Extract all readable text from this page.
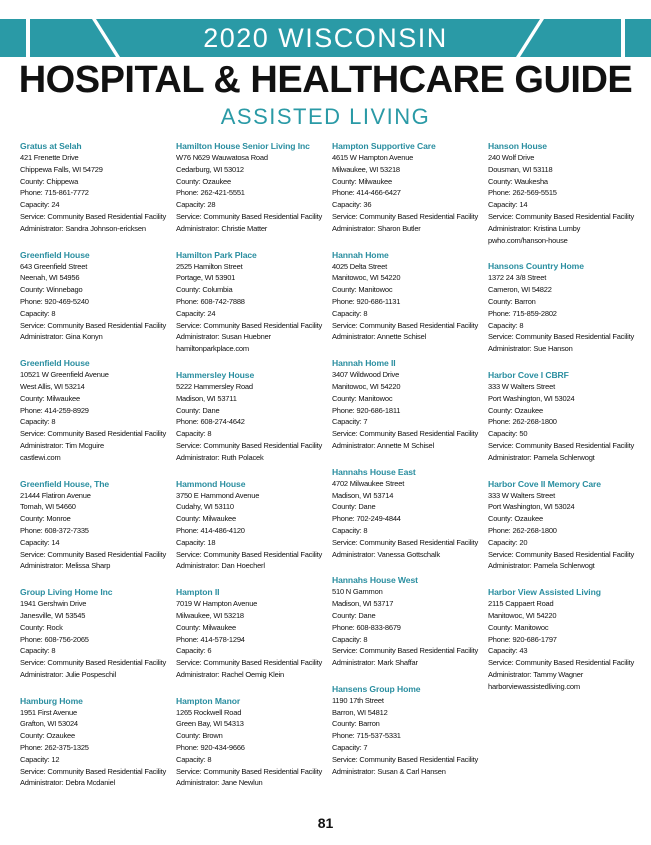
2020 WISCONSIN
HOSPITAL & HEALTHCARE GUIDE
ASSISTED LIVING
Gratus at Selah
421 Frenette Drive
Chippewa Falls, WI 54729
County: Chippewa
Phone: 715-861-7772
Capacity: 24
Service: Community Based Residential Facility
Administrator: Sandra Johnson-ericksen
Greenfield House
643 Greenfield Street
Neenah, WI 54956
County: Winnebago
Phone: 920-469-5240
Capacity: 8
Service: Community Based Residential Facility
Administrator: Gina Konyn
Greenfield House
10521 W Greenfield Avenue
West Allis, WI 53214
County: Milwaukee
Phone: 414-259-8929
Capacity: 8
Service: Community Based Residential Facility
Administrator: Tim Mcguire
castlewi.com
Greenfield House, The
21444 Flatiron Avenue
Tomah, WI 54660
County: Monroe
Phone: 608-372-7335
Capacity: 14
Service: Community Based Residential Facility
Administrator: Melissa Sharp
Group Living Home Inc
1941 Gershwin Drive
Janesville, WI 53545
County: Rock
Phone: 608-756-2065
Capacity: 8
Service: Community Based Residential Facility
Administrator: Julie Pospeschil
Hamburg Home
1951 First Avenue
Grafton, WI 53024
County: Ozaukee
Phone: 262-375-1325
Capacity: 12
Service: Community Based Residential Facility
Administrator: Debra Mcdaniel
Hamilton House Senior Living Inc
W76 N629 Wauwatosa Road
Cedarburg, WI 53012
County: Ozaukee
Phone: 262-421-5551
Capacity: 28
Service: Community Based Residential Facility
Administrator: Christie Matter
Hamilton Park Place
2525 Hamilton Street
Portage, WI 53901
County: Columbia
Phone: 608-742-7888
Capacity: 24
Service: Community Based Residential Facility
Administrator: Susan Huebner
hamiltonparkplace.com
Hammersley House
5222 Hammersley Road
Madison, WI 53711
County: Dane
Phone: 608-274-4642
Capacity: 8
Service: Community Based Residential Facility
Administrator: Ruth Polacek
Hammond House
3750 E Hammond Avenue
Cudahy, WI 53110
County: Milwaukee
Phone: 414-486-4120
Capacity: 18
Service: Community Based Residential Facility
Administrator: Dan Hoecherl
Hampton II
7019 W Hampton Avenue
Milwaukee, WI 53218
County: Milwaukee
Phone: 414-578-1294
Capacity: 6
Service: Community Based Residential Facility
Administrator: Rachel Oemig Klein
Hampton Manor
1265 Rockwell Road
Green Bay, WI 54313
County: Brown
Phone: 920-434-9666
Capacity: 8
Service: Community Based Residential Facility
Administrator: Jane Newlun
Hampton Supportive Care
4615 W Hampton Avenue
Milwaukee, WI 53218
County: Milwaukee
Phone: 414-466-6427
Capacity: 36
Service: Community Based Residential Facility
Administrator: Sharon Butler
Hannah Home
4025 Delta Street
Manitowoc, WI 54220
County: Manitowoc
Phone: 920-686-1131
Capacity: 8
Service: Community Based Residential Facility
Administrator: Annette Schisel
Hannah Home II
3407 Wildwood Drive
Manitowoc, WI 54220
County: Manitowoc
Phone: 920-686-1811
Capacity: 7
Service: Community Based Residential Facility
Administrator: Annette M Schisel
Hannahs House East
4702 Milwaukee Street
Madison, WI 53714
County: Dane
Phone: 702-249-4844
Capacity: 8
Service: Community Based Residential Facility
Administrator: Vanessa Gottschalk
Hannahs House West
510 N Gammon
Madison, WI 53717
County: Dane
Phone: 608-833-8679
Capacity: 8
Service: Community Based Residential Facility
Administrator: Mark Shaffar
Hansens Group Home
1190 17th Street
Barron, WI 54812
County: Barron
Phone: 715-537-5331
Capacity: 7
Service: Community Based Residential Facility
Administrator: Susan & Carl Hansen
Hanson House
240 Wolf Drive
Dousman, WI 53118
County: Waukesha
Phone: 262-569-5515
Capacity: 14
Service: Community Based Residential Facility
Administrator: Kristina Lumby
pwho.com/hanson-house
Hansons Country Home
1372 24 3/8 Street
Cameron, WI 54822
County: Barron
Phone: 715-859-2802
Capacity: 8
Service: Community Based Residential Facility
Administrator: Sue Hanson
Harbor Cove I CBRF
333 W Walters Street
Port Washington, WI 53024
County: Ozaukee
Phone: 262-268-1800
Capacity: 50
Service: Community Based Residential Facility
Administrator: Pamela Schlerwogt
Harbor Cove II Memory Care
333 W Walters Street
Port Washington, WI 53024
County: Ozaukee
Phone: 262-268-1800
Capacity: 20
Service: Community Based Residential Facility
Administrator: Pamela Schlerwogt
Harbor View Assisted Living
2115 Cappaert Road
Manitowoc, WI 54220
County: Manitowoc
Phone: 920-686-1797
Capacity: 43
Service: Community Based Residential Facility
Administrator: Tammy Wagner
harborviewassistedliving.com
81
